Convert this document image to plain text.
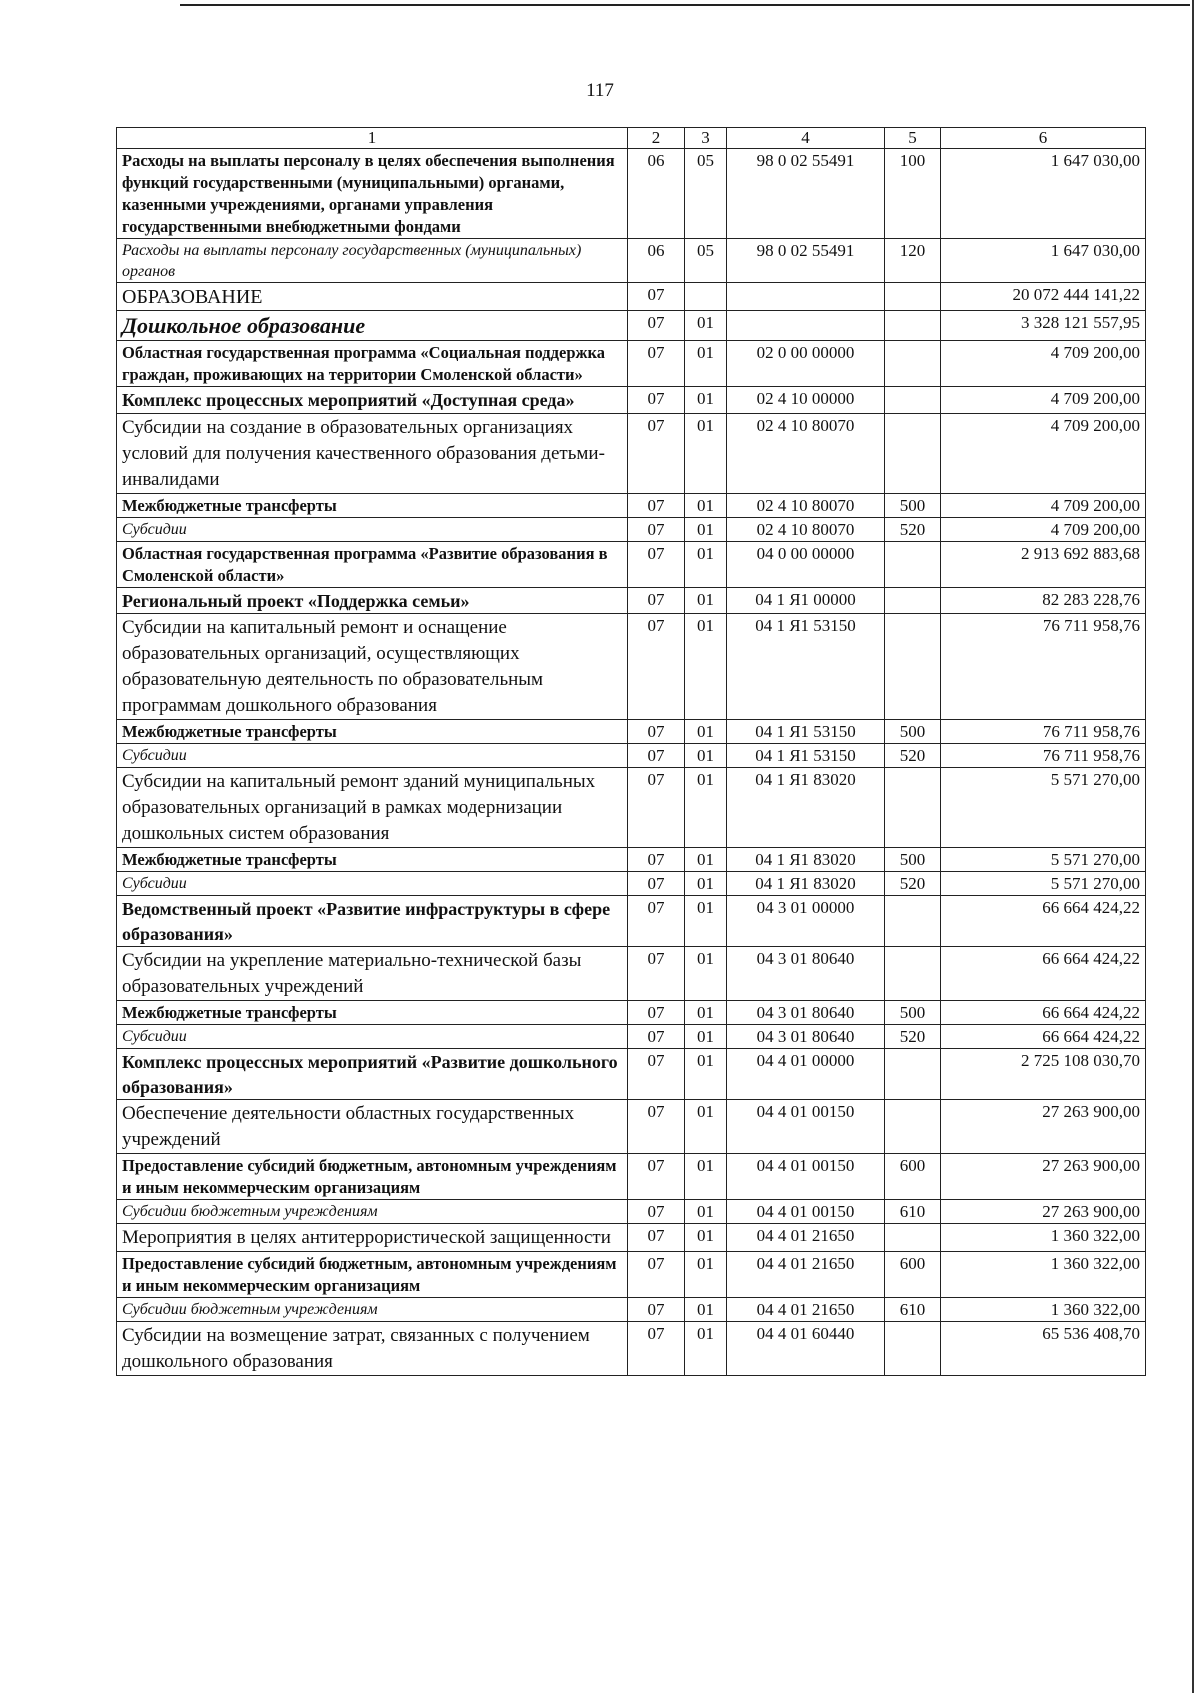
117
1	2	3	4	5	6
Расходы на выплаты персоналу в целях обеспечения выполнения функций государственными (муниципальными) органами, казенными учреждениями, органами управления государственными внебюджетными фондами	06	05	98 0 02 55491	100	1 647 030,00
Расходы на выплаты персоналу государственных (муниципальных) органов	06	05	98 0 02 55491	120	1 647 030,00
ОБРАЗОВАНИЕ	07				20 072 444 141,22
Дошкольное образование	07	01			3 328 121 557,95
Областная государственная программа «Социальная поддержка граждан, проживающих на территории Смоленской области»	07	01	02 0 00 00000		4 709 200,00
Комплекс процессных мероприятий «Доступная среда»	07	01	02 4 10 00000		4 709 200,00
Субсидии на создание в образовательных организациях условий для получения качественного образования детьми-инвалидами	07	01	02 4 10 80070		4 709 200,00
Межбюджетные трансферты	07	01	02 4 10 80070	500	4 709 200,00
Субсидии	07	01	02 4 10 80070	520	4 709 200,00
Областная государственная программа «Развитие образования в Смоленской области»	07	01	04 0 00 00000		2 913 692 883,68
Региональный проект «Поддержка семьи»	07	01	04 1 Я1 00000		82 283 228,76
Субсидии на капитальный ремонт и оснащение образовательных организаций, осуществляющих образовательную деятельность по образовательным программам дошкольного образования	07	01	04 1 Я1 53150		76 711 958,76
Межбюджетные трансферты	07	01	04 1 Я1 53150	500	76 711 958,76
Субсидии	07	01	04 1 Я1 53150	520	76 711 958,76
Субсидии на капитальный ремонт зданий муниципальных образовательных организаций в рамках модернизации дошкольных систем образования	07	01	04 1 Я1 83020		5 571 270,00
Межбюджетные трансферты	07	01	04 1 Я1 83020	500	5 571 270,00
Субсидии	07	01	04 1 Я1 83020	520	5 571 270,00
Ведомственный проект «Развитие инфраструктуры в сфере образования»	07	01	04 3 01 00000		66 664 424,22
Субсидии на укрепление материально-технической базы образовательных учреждений	07	01	04 3 01 80640		66 664 424,22
Межбюджетные трансферты	07	01	04 3 01 80640	500	66 664 424,22
Субсидии	07	01	04 3 01 80640	520	66 664 424,22
Комплекс процессных мероприятий «Развитие дошкольного образования»	07	01	04 4 01 00000		2 725 108 030,70
Обеспечение деятельности областных государственных учреждений	07	01	04 4 01 00150		27 263 900,00
Предоставление субсидий бюджетным, автономным учреждениям и иным некоммерческим организациям	07	01	04 4 01 00150	600	27 263 900,00
Субсидии бюджетным учреждениям	07	01	04 4 01 00150	610	27 263 900,00
Мероприятия в целях антитеррористической защищенности	07	01	04 4 01 21650		1 360 322,00
Предоставление субсидий бюджетным, автономным учреждениям и иным некоммерческим организациям	07	01	04 4 01 21650	600	1 360 322,00
Субсидии бюджетным учреждениям	07	01	04 4 01 21650	610	1 360 322,00
Субсидии на возмещение затрат, связанных с получением дошкольного образования	07	01	04 4 01 60440		65 536 408,70
